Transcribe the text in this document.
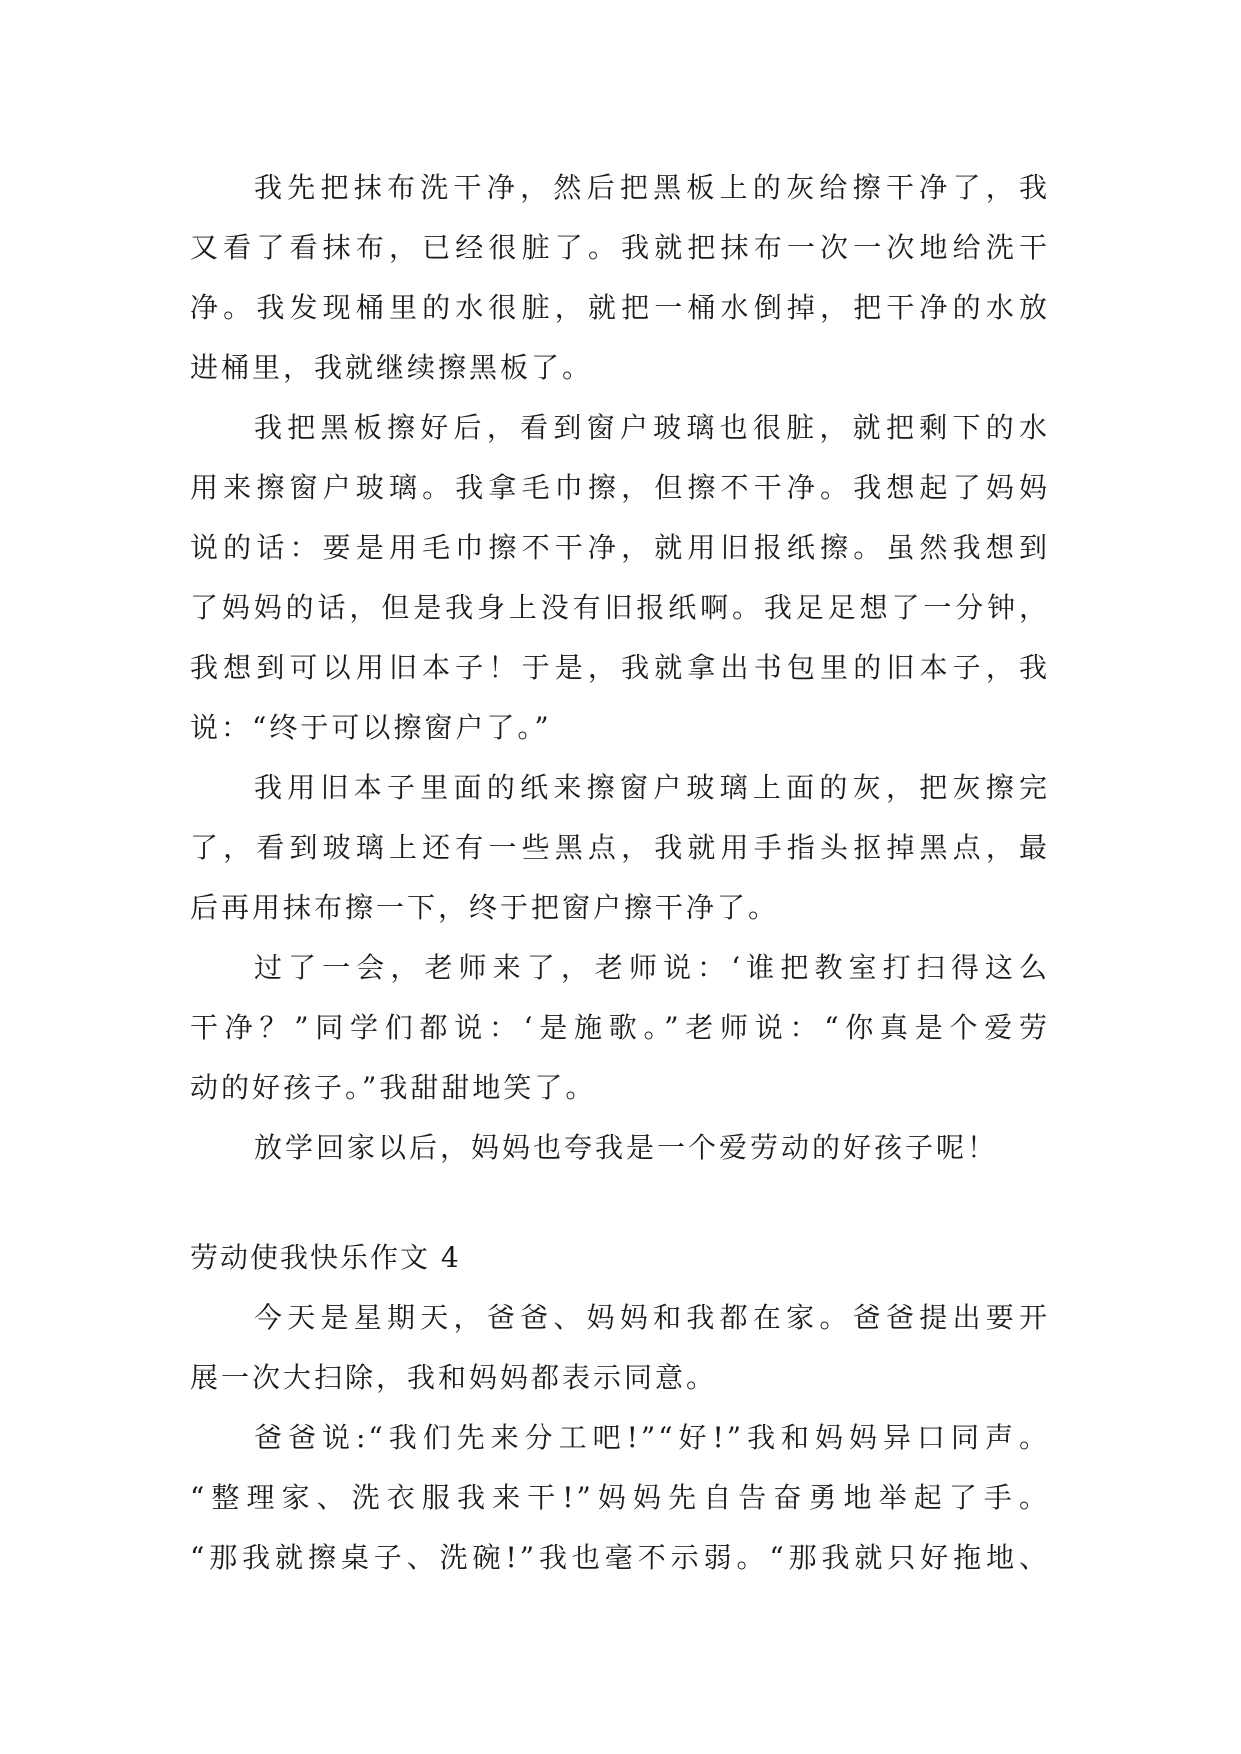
我先把抹布洗干净，然后把黑板上的灰给擦干净了，我
又看了看抹布，已经很脏了。我就把抹布一次一次地给洗干
净。我发现桶里的水很脏，就把一桶水倒掉，把干净的水放
进桶里，我就继续擦黑板了。
我把黑板擦好后，看到窗户玻璃也很脏，就把剩下的水
用来擦窗户玻璃。我拿毛巾擦，但擦不干净。我想起了妈妈
说的话：要是用毛巾擦不干净，就用旧报纸擦。虽然我想到
了妈妈的话，但是我身上没有旧报纸啊。我足足想了一分钟，
我想到可以用旧本子！于是，我就拿出书包里的旧本子，我
说：“终于可以擦窗户了。”
我用旧本子里面的纸来擦窗户玻璃上面的灰，把灰擦完
了，看到玻璃上还有一些黑点，我就用手指头抠掉黑点，最
后再用抹布擦一下，终于把窗户擦干净了。
过了一会，老师来了，老师说：‘谁把教室打扫得这么
干净？”同学们都说：‘是施歌。”老师说：“你真是个爱劳
动的好孩子。”我甜甜地笑了。
放学回家以后，妈妈也夸我是一个爱劳动的好孩子呢！
劳动使我快乐作文 4
今天是星期天，爸爸、妈妈和我都在家。爸爸提出要开
展一次大扫除，我和妈妈都表示同意。
爸爸说:“我们先来分工吧!”“好!”我和妈妈异口同声。
“整理家、洗衣服我来干!”妈妈先自告奋勇地举起了手。
“那我就擦桌子、洗碗!”我也毫不示弱。“那我就只好拖地、
